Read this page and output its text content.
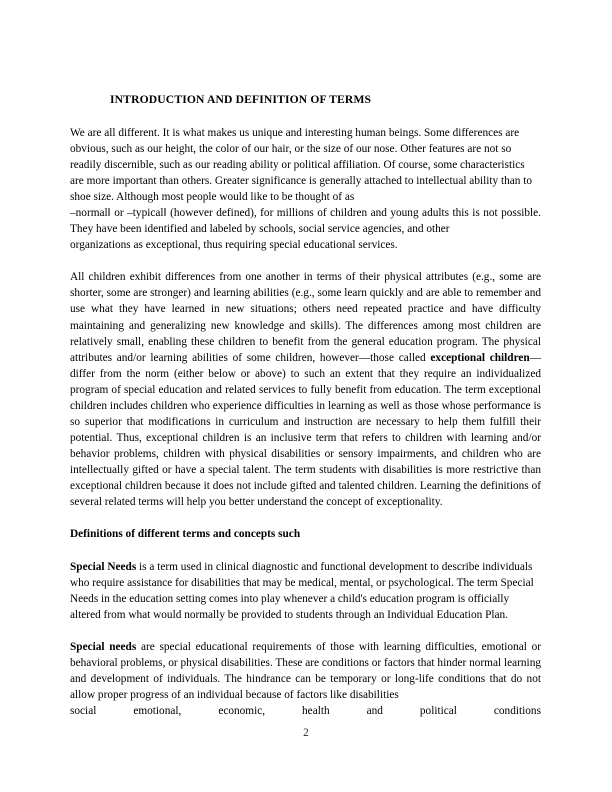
INTRODUCTION AND DEFINITION OF TERMS

We are all different. It is what makes us unique and interesting human beings. Some differences are obvious, such as our height, the color of our hair, or the size of our nose. Other features are not so readily discernible, such as our reading ability or political affiliation. Of course, some characteristics are more important than others. Greater significance is generally attached to intellectual ability than to shoe size. Although most people would like to be thought of as
‒normal‖ or ‒typical‖ (however defined), for millions of children and young adults this is not possible. They have been identified and labeled by schools, social service agencies, and other
organizations as exceptional, thus requiring special educational services.

All children exhibit differences from one another in terms of their physical attributes (e.g., some are shorter, some are stronger) and learning abilities (e.g., some learn quickly and are able to remember and use what they have learned in new situations; others need repeated practice and have difficulty maintaining and generalizing new knowledge and skills). The differences among most children are relatively small, enabling these children to benefit from the general education program. The physical attributes and/or learning abilities of some children, however—those called exceptional children—differ from the norm (either below or above) to such an extent that they require an individualized program of special education and related services to fully benefit from education. The term exceptional children includes children who experience difficulties in learning as well as those whose performance is so superior that modifications in curriculum and instruction are necessary to help them fulfill their potential. Thus, exceptional children is an inclusive term that refers to children with learning and/or behavior problems, children with physical disabilities or sensory impairments, and children who are intellectually gifted or have a special talent. The term students with disabilities is more restrictive than exceptional children because it does not include gifted and talented children. Learning the definitions of several related terms will help you better understand the concept of exceptionality.

Definitions of different terms and concepts such

Special Needs is a term used in clinical diagnostic and functional development to describe individuals who require assistance for disabilities that may be medical, mental, or psychological. The term Special Needs in the education setting comes into play whenever a child's education program is officially altered from what would normally be provided to students through an Individual Education Plan.

Special needs are special educational requirements of those with learning difficulties, emotional or behavioral problems, or physical disabilities. These are conditions or factors that hinder normal learning and development of individuals. The hindrance can be temporary or long-life conditions that do not allow proper progress of an individual because of factors like disabilities

social	emotional,	economic,	health	and	political	conditions
2
